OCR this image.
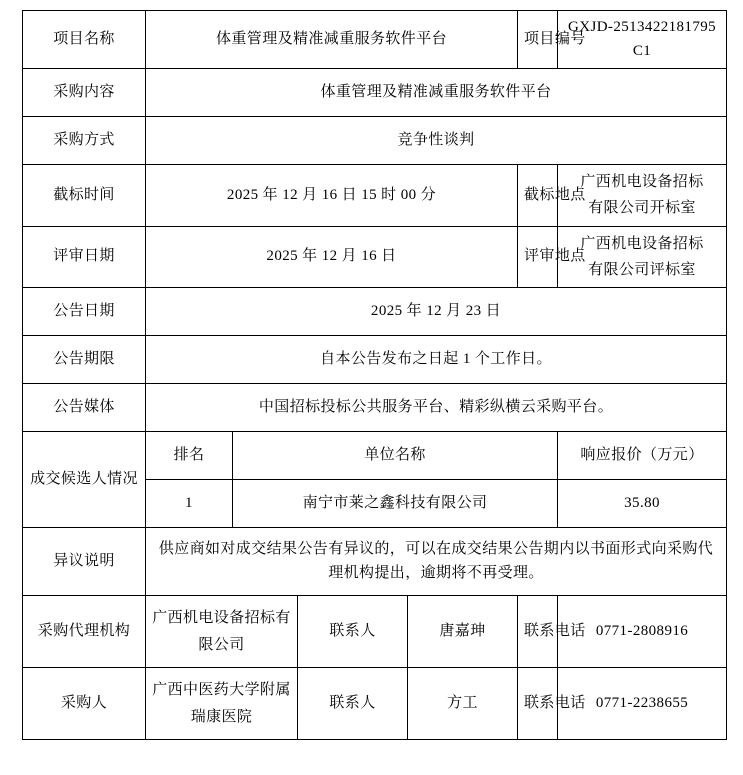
项目名称	体重管理及精准减重服务软件平台				项目编号	GXJD-2513422181795C1
采购内容	体重管理及精准减重服务软件平台					
采购方式	竞争性谈判					
截标时间	2025 年 12 月 16 日 15 时 00 分				截标地点	广西机电设备招标
有限公司开标室

评审日期	2025 年 12 月 16 日				评审地点	广西机电设备招标
有限公司评标室

公告日期	2025 年 12 月 23 日					
公告期限	自本公告发布之日起 1 个工作日。					
公告媒体	中国招标投标公共服务平台、精彩纵横云采购平台。					
成交候选人情况	排名	单位名称				响应报价（万元）
	1	南宁市莱之鑫科技有限公司				35.80
异议说明	供应商如对成交结果公告有异议的，可以在成交结果公告期内以书面形式向采购代理机构提出，逾期将不再受理。					
采购代理机构	广西机电设备招标有
限公司		联系人	唐嘉珅	联系电话	0771-2808916
采购人	广西中医药大学附属
瑞康医院		联系人	方工	联系电话	0771-2238655
